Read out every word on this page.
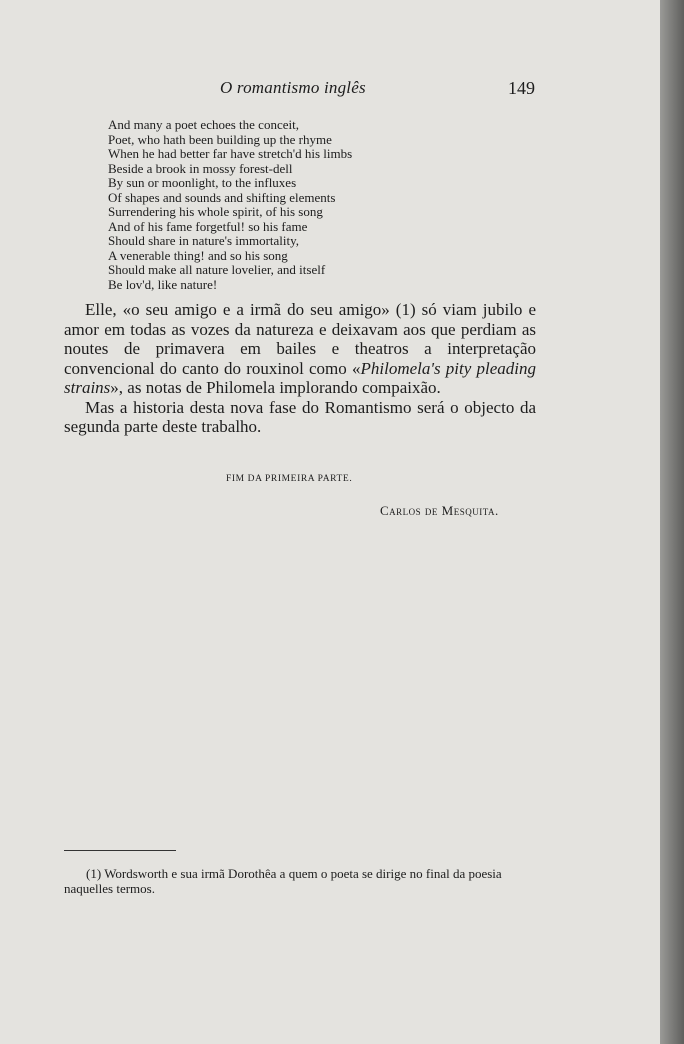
O romantismo inglês	149
And many a poet echoes the conceit,
Poet, who hath been building up the rhyme
When he had better far have stretch'd his limbs
Beside a brook in mossy forest-dell
By sun or moonlight, to the influxes
Of shapes and sounds and shifting elements
Surrendering his whole spirit, of his song
And of his fame forgetful! so his fame
Should share in nature's immortality,
A venerable thing! and so his song
Should make all nature lovelier, and itself
Be lov'd, like nature!

Elle, «o seu amigo e a irmã do seu amigo» (1) só viam jubilo e amor em todas as vozes da natureza e deixavam aos que perdiam as noutes de primavera em bailes e theatros a interpretação convencional do canto do rouxinol como «Philomela's pity pleading strains», as notas de Philomela implorando compaixão.

Mas a historia desta nova fase do Romantismo será o objecto da segunda parte deste trabalho.

FIM DA PRIMEIRA PARTE.
Carlos de Mesquita.
(1) Wordsworth e sua irmã Dorothêa a quem o poeta se dirige no final da poesia naquelles termos.
